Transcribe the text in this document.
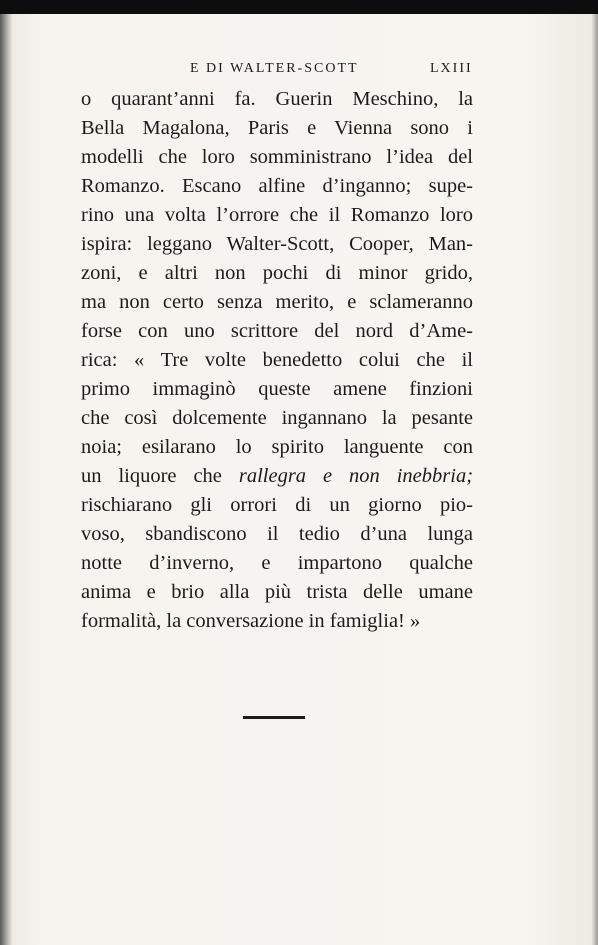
E DI WALTER-SCOTT	LXIII
o quarant’anni fa. Guerin Meschino, la
Bella Magalona, Paris e Vienna sono i
modelli che loro somministrano l’idea del
Romanzo. Escano alfine d’inganno; supe-
rino una volta l’orrore che il Romanzo loro
ispira: leggano Walter-Scott, Cooper, Man-
zoni, e altri non pochi di minor grido,
ma non certo senza merito, e sclameranno
forse con uno scrittore del nord d’Ame-
rica: « Tre volte benedetto colui che il
primo immaginò queste amene finzioni
che così dolcemente ingannano la pesante
noia; esilarano lo spirito languente con
un liquore che rallegra e non inebbria;
rischiarano gli orrori di un giorno pio-
voso, sbandiscono il tedio d’una lunga
notte d’inverno, e impartono qualche
anima e brio alla più trista delle umane
formalità, la conversazione in famiglia! »
